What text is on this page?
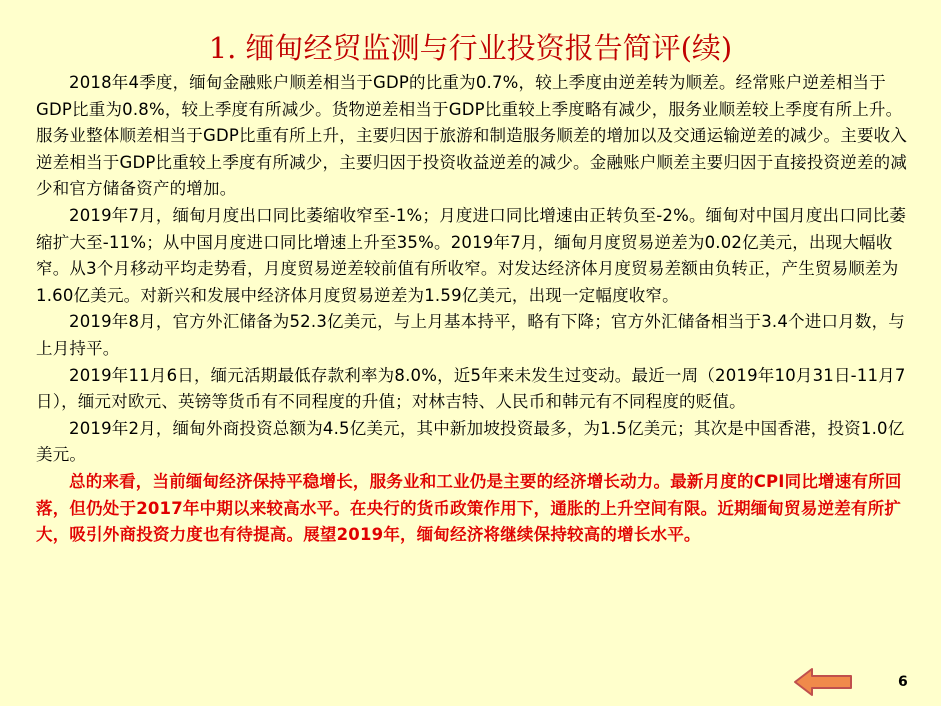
1. 缅甸经贸监测与行业投资报告简评(续)

2018年4季度，缅甸金融账户顺差相当于GDP的比重为0.7%，较上季度由逆差转为顺差。经常账户逆差相当于GDP比重为0.8%，较上季度有所减少。货物逆差相当于GDP比重较上季度略有减少，服务业顺差较上季度有所上升。服务业整体顺差相当于GDP比重有所上升，主要归因于旅游和制造服务顺差的增加以及交通运输逆差的减少。主要收入逆差相当于GDP比重较上季度有所减少，主要归因于投资收益逆差的减少。金融账户顺差主要归因于直接投资逆差的减少和官方储备资产的增加。

2019年7月，缅甸月度出口同比萎缩收窄至-1%；月度进口同比增速由正转负至-2%。缅甸对中国月度出口同比萎缩扩大至-11%；从中国月度进口同比增速上升至35%。2019年7月，缅甸月度贸易逆差为0.02亿美元，出现大幅收窄。从3个月移动平均走势看，月度贸易逆差较前值有所收窄。对发达经济体月度贸易差额由负转正，产生贸易顺差为1.60亿美元。对新兴和发展中经济体月度贸易逆差为1.59亿美元，出现一定幅度收窄。

2019年8月，官方外汇储备为52.3亿美元，与上月基本持平，略有下降；官方外汇储备相当于3.4个进口月数，与上月持平。

2019年11月6日，缅元活期最低存款利率为8.0%，近5年来未发生过变动。最近一周（2019年10月31日-11月7日），缅元对欧元、英镑等货币有不同程度的升值；对林吉特、人民币和韩元有不同程度的贬值。

2019年2月，缅甸外商投资总额为4.5亿美元，其中新加坡投资最多，为1.5亿美元；其次是中国香港，投资1.0亿美元。

总的来看，当前缅甸经济保持平稳增长，服务业和工业仍是主要的经济增长动力。最新月度的CPI同比增速有所回落，但仍处于2017年中期以来较高水平。在央行的货币政策作用下，通胀的上升空间有限。近期缅甸贸易逆差有所扩大，吸引外商投资力度也有待提高。展望2019年，缅甸经济将继续保持较高的增长水平。

6
